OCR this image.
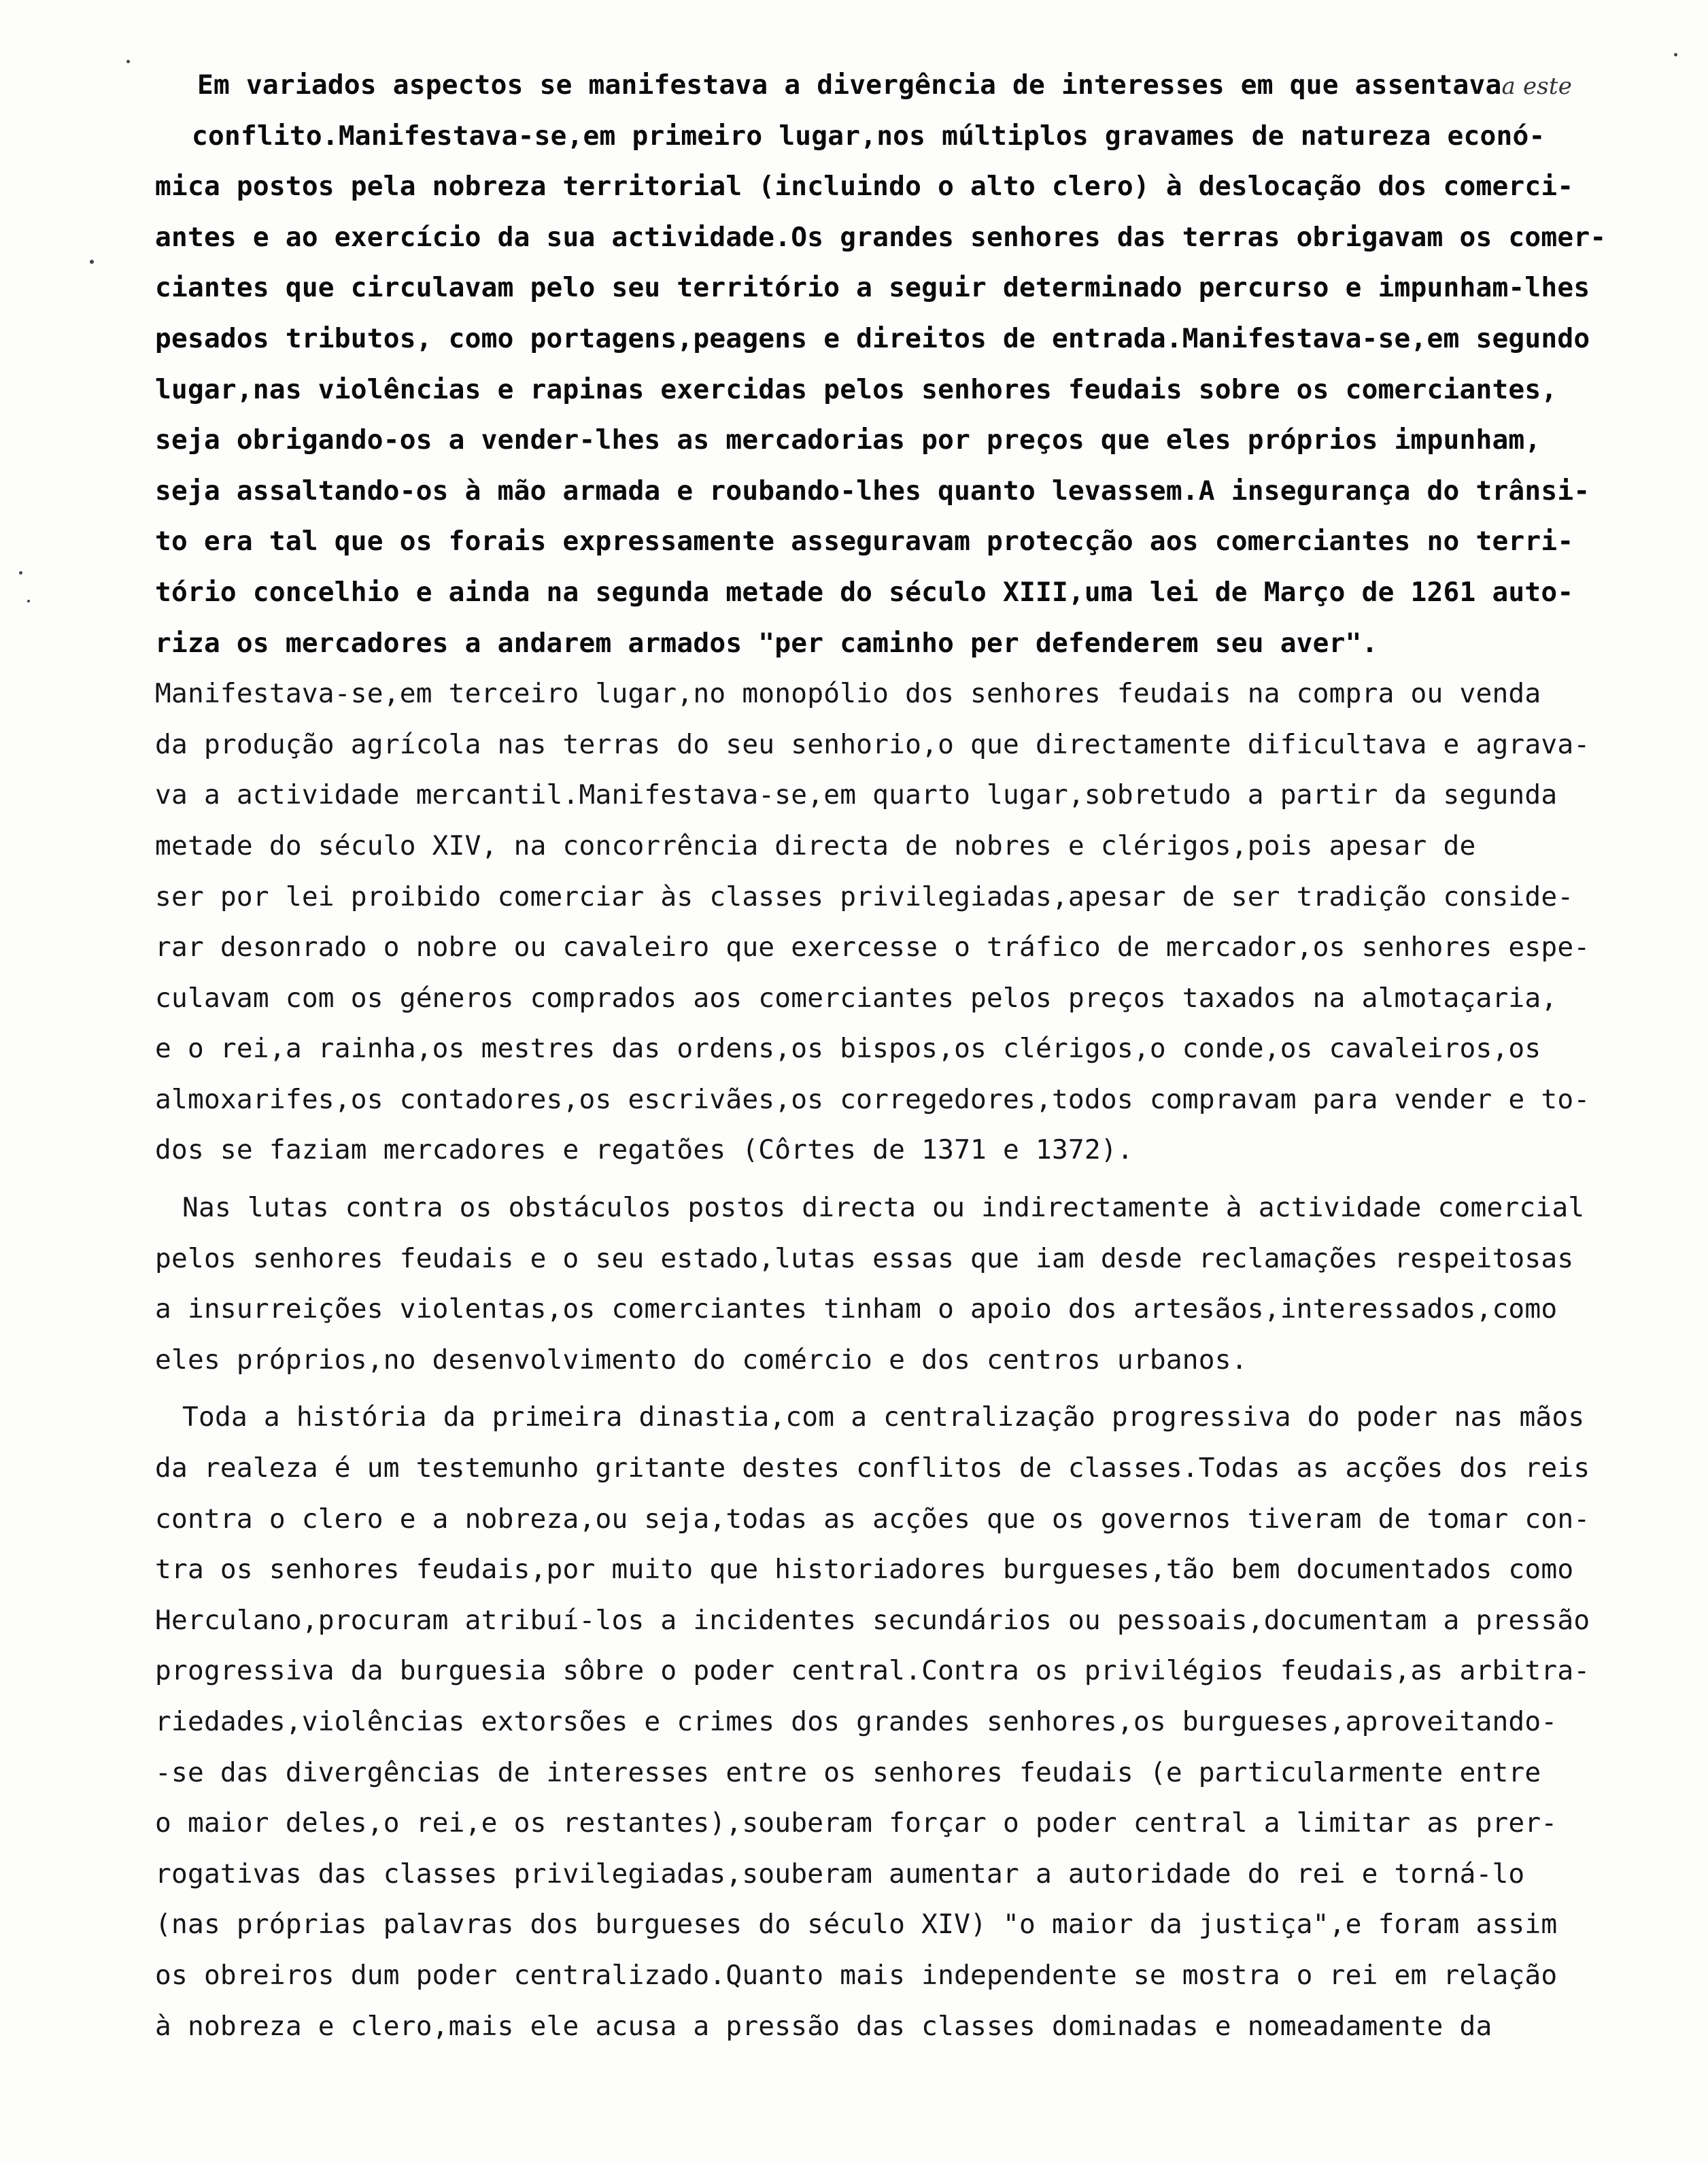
Em variados aspectos se manifestava a divergência de interesses em que assentavaa este
conflito.Manifestava-se,em primeiro lugar,nos múltiplos gravames de natureza econó-
mica postos pela nobreza territorial (incluindo o alto clero) à deslocação dos comerci-
antes e ao exercício da sua actividade.Os grandes senhores das terras obrigavam os comer-
ciantes que circulavam pelo seu território a seguir determinado percurso e impunham-lhes
pesados tributos, como portagens,peagens e direitos de entrada.Manifestava-se,em segundo
lugar,nas violências e rapinas exercidas pelos senhores feudais sobre os comerciantes,
seja obrigando-os a vender-lhes as mercadorias por preços que eles próprios impunham,
seja assaltando-os à mão armada e roubando-lhes quanto levassem.A insegurança do trânsi-
to era tal que os forais expressamente asseguravam protecção aos comerciantes no terri-
tório concelhio e ainda na segunda metade do século XIII,uma lei de Março de 1261 auto-
riza os mercadores a andarem armados "per caminho per defenderem seu aver".
Manifestava-se,em terceiro lugar,no monopólio dos senhores feudais na compra ou venda
da produção agrícola nas terras do seu senhorio,o que directamente dificultava e agrava-
va a actividade mercantil.Manifestava-se,em quarto lugar,sobretudo a partir da segunda
metade do século XIV, na concorrência directa de nobres e clérigos,pois apesar de
ser por lei proibido comerciar às classes privilegiadas,apesar de ser tradição conside-
rar desonrado o nobre ou cavaleiro que exercesse o tráfico de mercador,os senhores espe-
culavam com os géneros comprados aos comerciantes pelos preços taxados na almotaçaria,
e o rei,a rainha,os mestres das ordens,os bispos,os clérigos,o conde,os cavaleiros,os
almoxarifes,os contadores,os escrivães,os corregedores,todos compravam para vender e to-
dos se faziam mercadores e regatões (Côrtes de 1371 e 1372).
Nas lutas contra os obstáculos postos directa ou indirectamente à actividade comercial
pelos senhores feudais e o seu estado,lutas essas que iam desde reclamações respeitosas
a insurreições violentas,os comerciantes tinham o apoio dos artesãos,interessados,como
eles próprios,no desenvolvimento do comércio e dos centros urbanos.
Toda a história da primeira dinastia,com a centralização progressiva do poder nas mãos
da realeza é um testemunho gritante destes conflitos de classes.Todas as acções dos reis
contra o clero e a nobreza,ou seja,todas as acções que os governos tiveram de tomar con-
tra os senhores feudais,por muito que historiadores burgueses,tão bem documentados como
Herculano,procuram atribuí-los a incidentes secundários ou pessoais,documentam a pressão
progressiva da burguesia sôbre o poder central.Contra os privilégios feudais,as arbitra-
riedades,violências extorsões e crimes dos grandes senhores,os burgueses,aproveitando-
-se das divergências de interesses entre os senhores feudais (e particularmente entre
o maior deles,o rei,e os restantes),souberam forçar o poder central a limitar as prer-
rogativas das classes privilegiadas,souberam aumentar a autoridade do rei e torná-lo
(nas próprias palavras dos burgueses do século XIV) "o maior da justiça",e foram assim
os obreiros dum poder centralizado.Quanto mais independente se mostra o rei em relação
à nobreza e clero,mais ele acusa a pressão das classes dominadas e nomeadamente da
